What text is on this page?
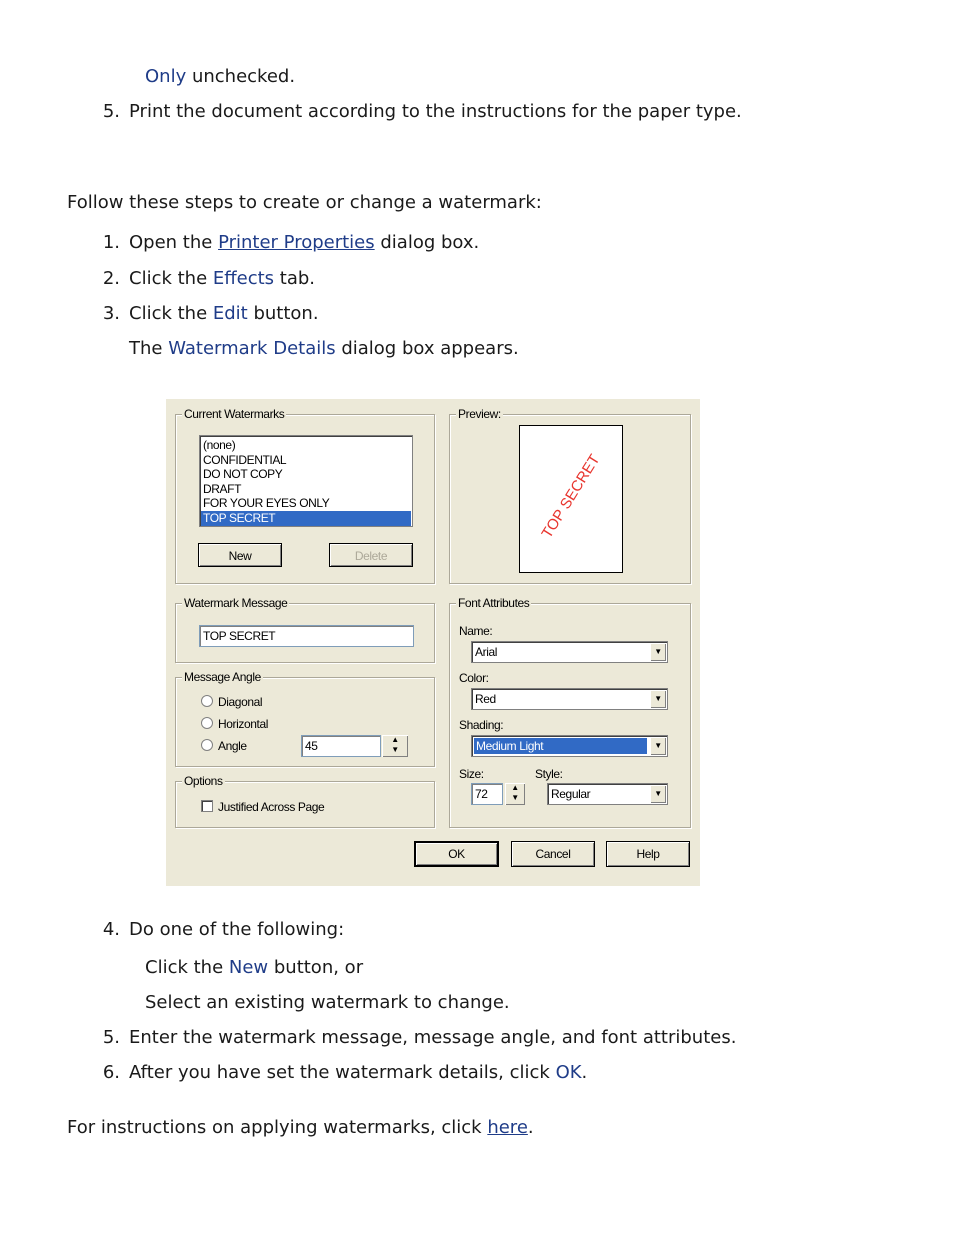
Only unchecked.
5. Print the document according to the instructions for the paper type.
Follow these steps to create or change a watermark:
1. Open the Printer Properties dialog box.
2. Click the Effects tab.
3. Click the Edit button.
The Watermark Details dialog box appears.
Current Watermarks
(none)
CONFIDENTIAL
DO NOT COPY
DRAFT
FOR YOUR EYES ONLY
TOP SECRET
New	Delete
Preview:
TOP SECRET
Watermark Message
TOP SECRET
Message Angle
Diagonal
Horizontal
Angle	45	▲
▼
Options
Justified Across Page
Font Attributes
Name:
Arial	▼
Color:
Red	▼
Shading:
Medium Light	▼
Size:
72	▲
▼
Style:
Regular	▼
OK	Cancel	Help
4. Do one of the following:
Click the New button, or
Select an existing watermark to change.
5. Enter the watermark message, message angle, and font attributes.
6. After you have set the watermark details, click OK.
For instructions on applying watermarks, click here.
